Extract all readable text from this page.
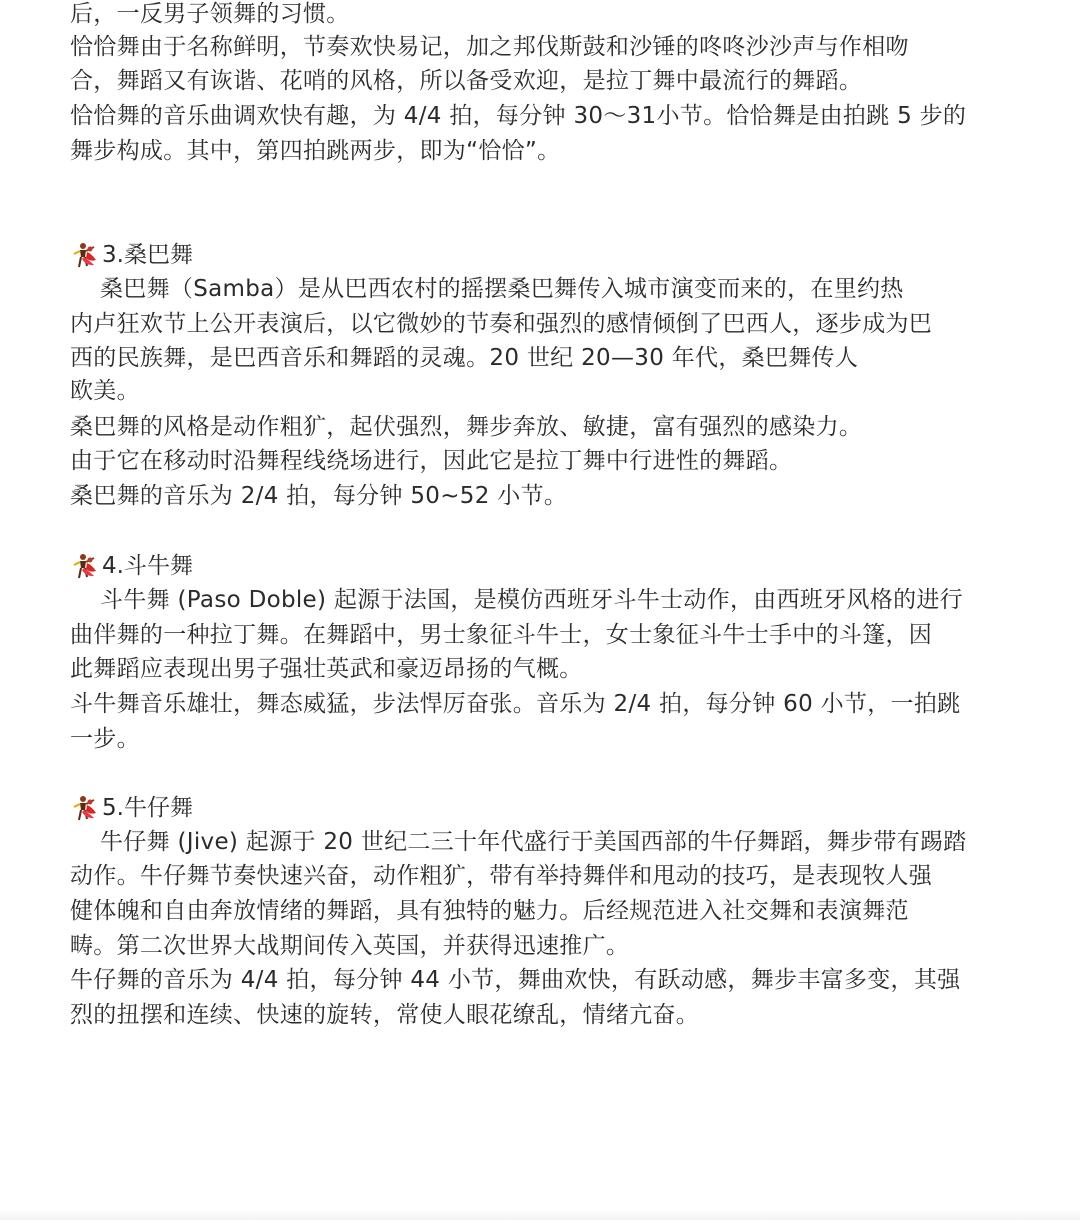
后，一反男子领舞的习惯。
恰恰舞由于名称鲜明，节奏欢快易记，加之邦伐斯鼓和沙锤的咚咚沙沙声与作相吻
合，舞蹈又有诙谐、花哨的风格，所以备受欢迎，是拉丁舞中最流行的舞蹈。
恰恰舞的音乐曲调欢快有趣，为 4/4 拍，每分钟 30～31小节。恰恰舞是由拍跳 5 步的
舞步构成。其中，第四拍跳两步，即为“恰恰”。
3.桑巴舞
桑巴舞（Samba）是从巴西农村的摇摆桑巴舞传入城市演变而来的，在里约热
内卢狂欢节上公开表演后，以它微妙的节奏和强烈的感情倾倒了巴西人，逐步成为巴
西的民族舞，是巴西音乐和舞蹈的灵魂。20 世纪 20—30 年代，桑巴舞传人
欧美。
桑巴舞的风格是动作粗犷，起伏强烈，舞步奔放、敏捷，富有强烈的感染力。
由于它在移动时沿舞程线绕场进行，因此它是拉丁舞中行进性的舞蹈。
桑巴舞的音乐为 2/4 拍，每分钟 50~52 小节。
4.斗牛舞
斗牛舞 (Paso Doble) 起源于法国，是模仿西班牙斗牛士动作，由西班牙风格的进行
曲伴舞的一种拉丁舞。在舞蹈中，男士象征斗牛士，女士象征斗牛士手中的斗篷，因
此舞蹈应表现出男子强壮英武和豪迈昂扬的气概。
斗牛舞音乐雄壮，舞态威猛，步法悍厉奋张。音乐为 2/4 拍，每分钟 60 小节，一拍跳
一步。
5.牛仔舞
牛仔舞 (Jive) 起源于 20 世纪二三十年代盛行于美国西部的牛仔舞蹈，舞步带有踢踏
动作。牛仔舞节奏快速兴奋，动作粗犷，带有举持舞伴和甩动的技巧，是表现牧人强
健体魄和自由奔放情绪的舞蹈，具有独特的魅力。后经规范进入社交舞和表演舞范
畴。第二次世界大战期间传入英国，并获得迅速推广。
牛仔舞的音乐为 4/4 拍，每分钟 44 小节，舞曲欢快，有跃动感，舞步丰富多变，其强
烈的扭摆和连续、快速的旋转，常使人眼花缭乱，情绪亢奋。
